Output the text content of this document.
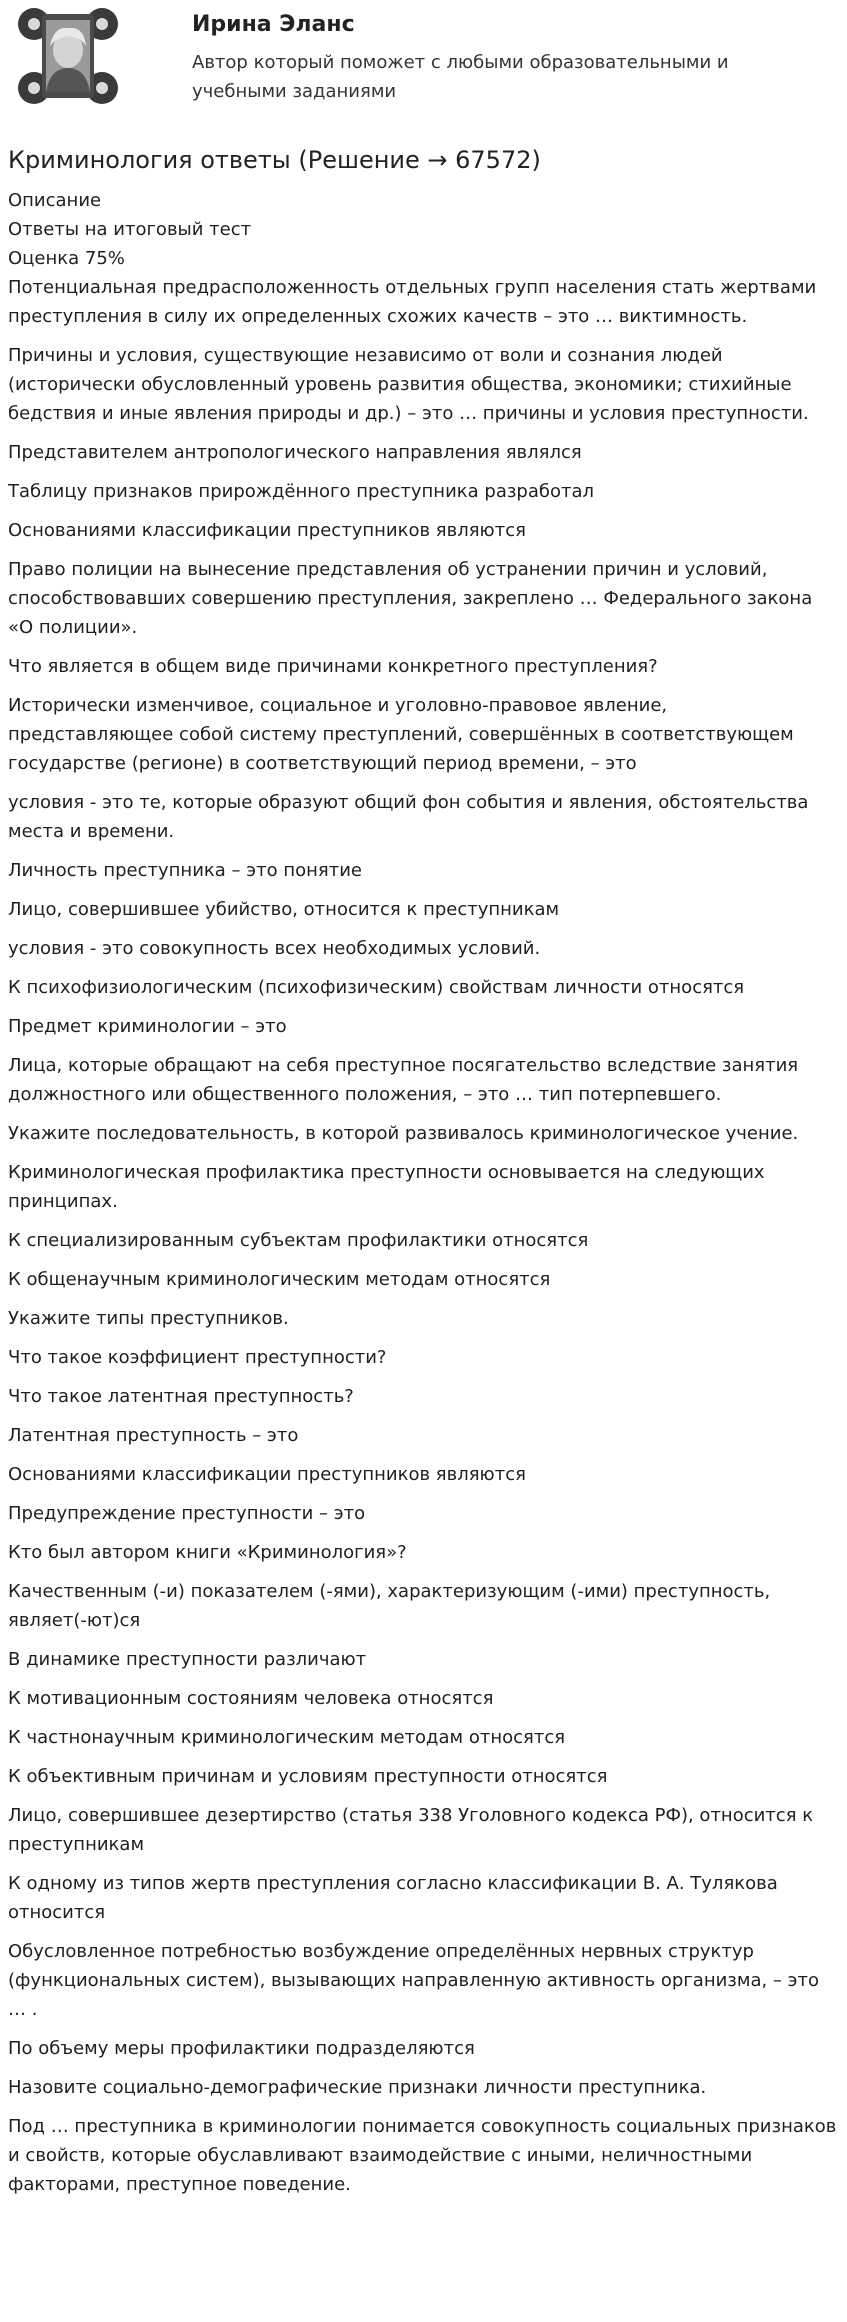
Ирина Эланс
Автор который поможет с любыми образовательными и учебными заданиями
Криминология ответы (Решение → 67572)

Описание

Ответы на итоговый тест

Оценка 75%

Потенциальная предрасположенность отдельных групп населения стать жертвами преступления в силу их определенных схожих качеств – это … виктимность.

Причины и условия, существующие независимо от воли и сознания людей (исторически обусловленный уровень развития общества, экономики; стихийные бедствия и иные явления природы и др.) – это … причины и условия преступности.

Представителем антропологического направления являлся

Таблицу признаков прирождённого преступника разработал

Основаниями классификации преступников являются

Право полиции на вынесение представления об устранении причин и условий, способствовавших совершению преступления, закреплено … Федерального закона «О полиции».

Что является в общем виде причинами конкретного преступления?

Исторически изменчивое, социальное и уголовно-правовое явление, представляющее собой систему преступлений, совершённых в соответствующем государстве (регионе) в соответствующий период времени, – это

условия - это те, которые образуют общий фон события и явления, обстоятельства места и времени.

Личность преступника – это понятие

Лицо, совершившее убийство, относится к преступникам

условия - это совокупность всех необходимых условий.

К психофизиологическим (психофизическим) свойствам личности относятся

Предмет криминологии – это

Лица, которые обращают на себя преступное посягательство вследствие занятия должностного или общественного положения, – это … тип потерпевшего.

Укажите последовательность, в которой развивалось криминологическое учение.

Криминологическая профилактика преступности основывается на следующих принципах.

К специализированным субъектам профилактики относятся

К общенаучным криминологическим методам относятся

Укажите типы преступников.

Что такое коэффициент преступности?

Что такое латентная преступность?

Латентная преступность – это

Основаниями классификации преступников являются

Предупреждение преступности – это

Кто был автором книги «Криминология»?

Качественным (-и) показателем (-ями), характеризующим (-ими) преступность, являет(-ют)ся

В динамике преступности различают

К мотивационным состояниям человека относятся

К частнонаучным криминологическим методам относятся

К объективным причинам и условиям преступности относятся

Лицо, совершившее дезертирство (статья 338 Уголовного кодекса РФ), относится к преступникам

К одному из типов жертв преступления согласно классификации В. А. Тулякова относится

Обусловленное потребностью возбуждение определённых нервных структур (функциональных систем), вызывающих направленную активность организма, – это … .

По объему меры профилактики подразделяются

Назовите социально-демографические признаки личности преступника.

Под … преступника в криминологии понимается совокупность социальных признаков и свойств, которые обуславливают взаимодействие с иными, неличностными факторами, преступное поведение.
